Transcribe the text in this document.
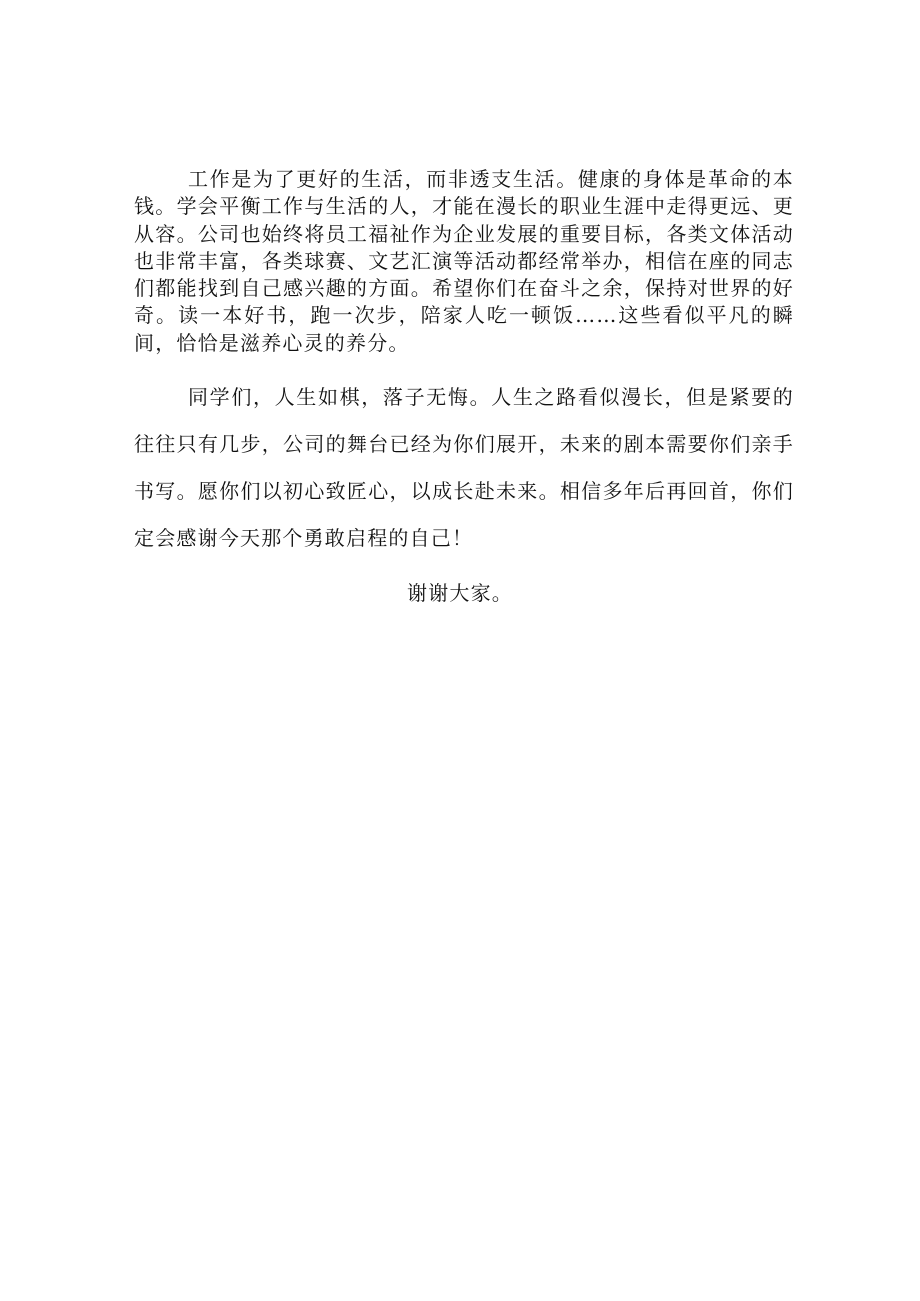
工作是为了更好的生活，而非透支生活。健康的身体是革命的本钱。学会平衡工作与生活的人，才能在漫长的职业生涯中走得更远、更从容。公司也始终将员工福祉作为企业发展的重要目标，各类文体活动也非常丰富，各类球赛、文艺汇演等活动都经常举办，相信在座的同志们都能找到自己感兴趣的方面。希望你们在奋斗之余，保持对世界的好奇。读一本好书，跑一次步，陪家人吃一顿饭……这些看似平凡的瞬间，恰恰是滋养心灵的养分。

同学们，人生如棋，落子无悔。人生之路看似漫长，但是紧要的往往只有几步，公司的舞台已经为你们展开，未来的剧本需要你们亲手书写。愿你们以初心致匠心，以成长赴未来。相信多年后再回首，你们定会感谢今天那个勇敢启程的自己！

谢谢大家。
